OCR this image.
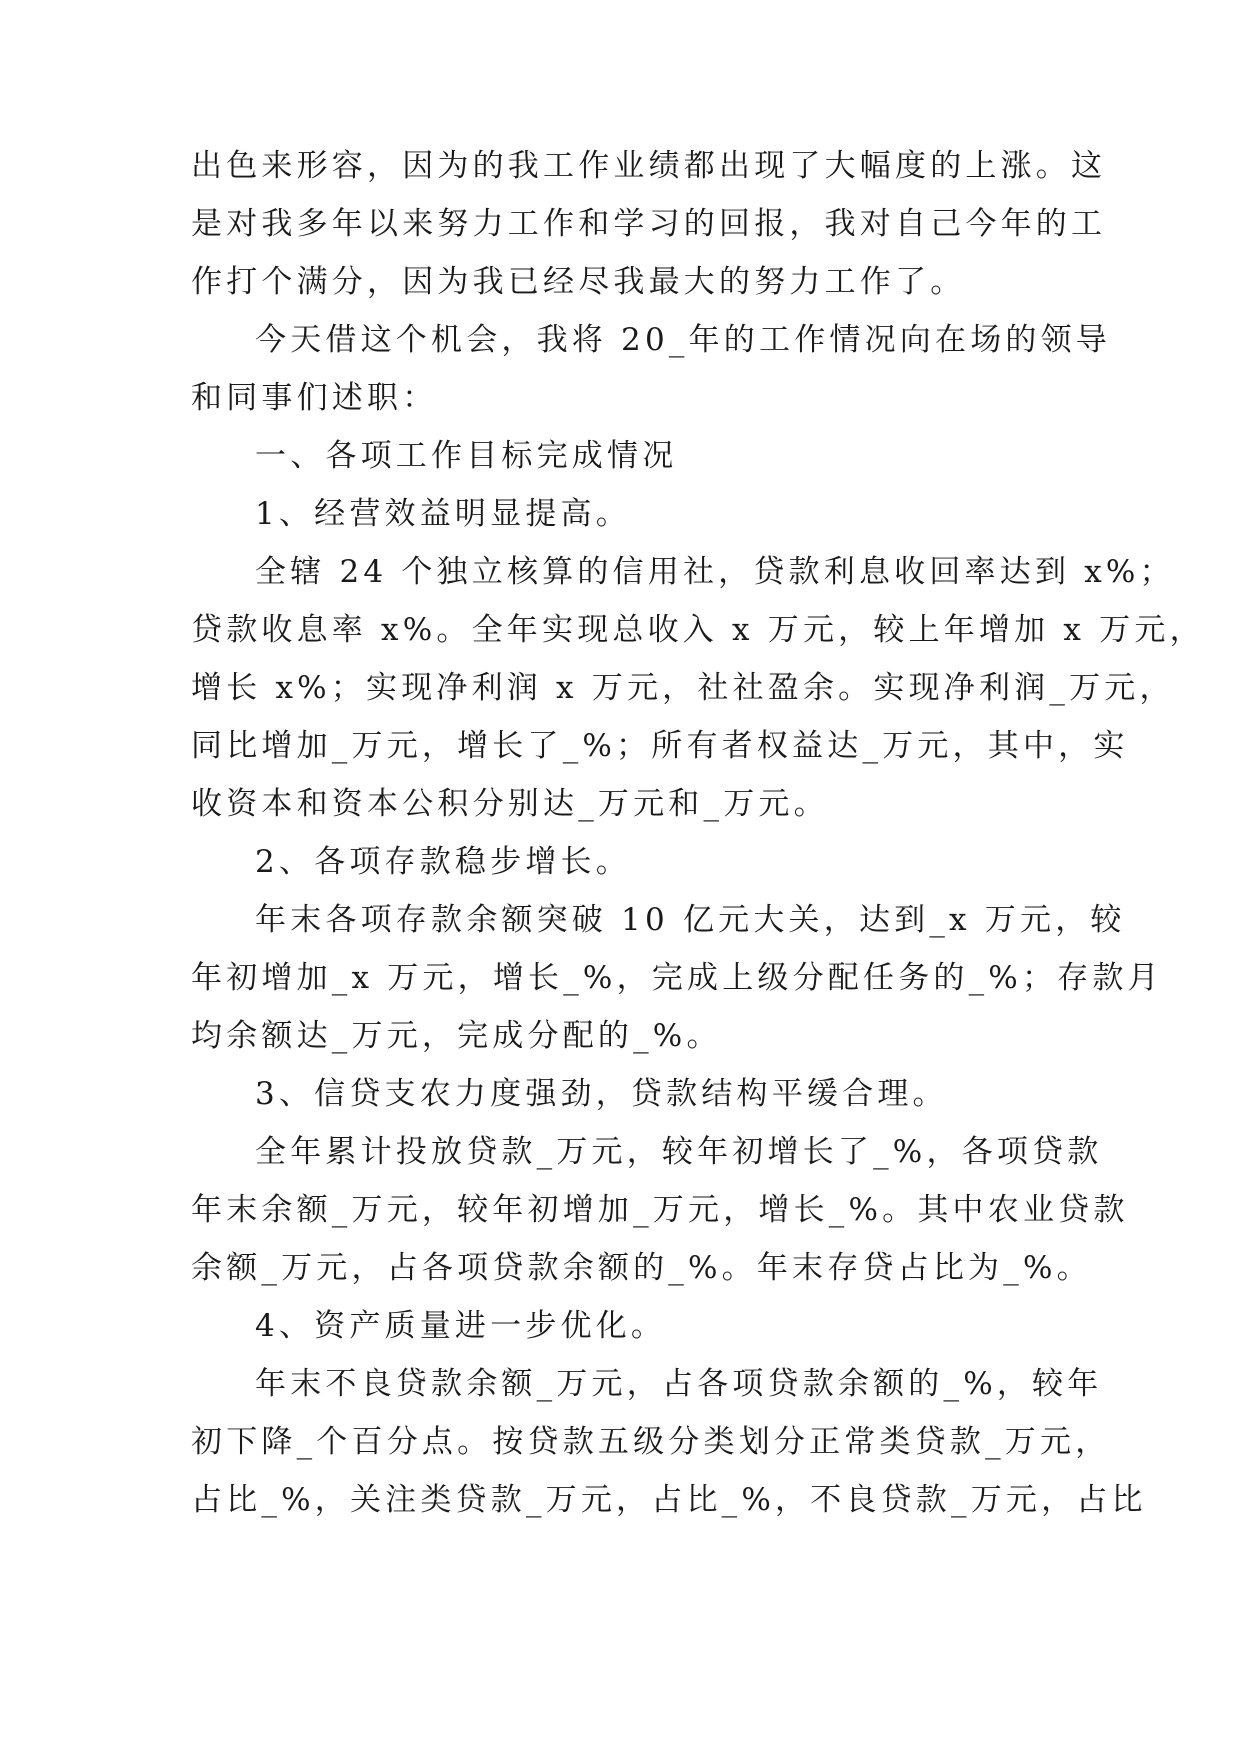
出色来形容，因为的我工作业绩都出现了大幅度的上涨。这
是对我多年以来努力工作和学习的回报，我对自己今年的工
作打个满分，因为我已经尽我最大的努力工作了。
今天借这个机会，我将 20_年的工作情况向在场的领导
和同事们述职：
一、各项工作目标完成情况
1、经营效益明显提高。
全辖 24 个独立核算的信用社，贷款利息收回率达到 x%；
贷款收息率 x%。全年实现总收入 x 万元，较上年增加 x 万元，
增长 x%；实现净利润 x 万元，社社盈余。实现净利润_万元，
同比增加_万元，增长了_%；所有者权益达_万元，其中，实
收资本和资本公积分别达_万元和_万元。
2、各项存款稳步增长。
年末各项存款余额突破 10 亿元大关，达到_x 万元，较
年初增加_x 万元，增长_%，完成上级分配任务的_%；存款月
均余额达_万元，完成分配的_%。
3、信贷支农力度强劲，贷款结构平缓合理。
全年累计投放贷款_万元，较年初增长了_%，各项贷款
年末余额_万元，较年初增加_万元，增长_%。其中农业贷款
余额_万元，占各项贷款余额的_%。年末存贷占比为_%。
4、资产质量进一步优化。
年末不良贷款余额_万元，占各项贷款余额的_%，较年
初下降_个百分点。按贷款五级分类划分正常类贷款_万元，
占比_%，关注类贷款_万元，占比_%，不良贷款_万元，占比
